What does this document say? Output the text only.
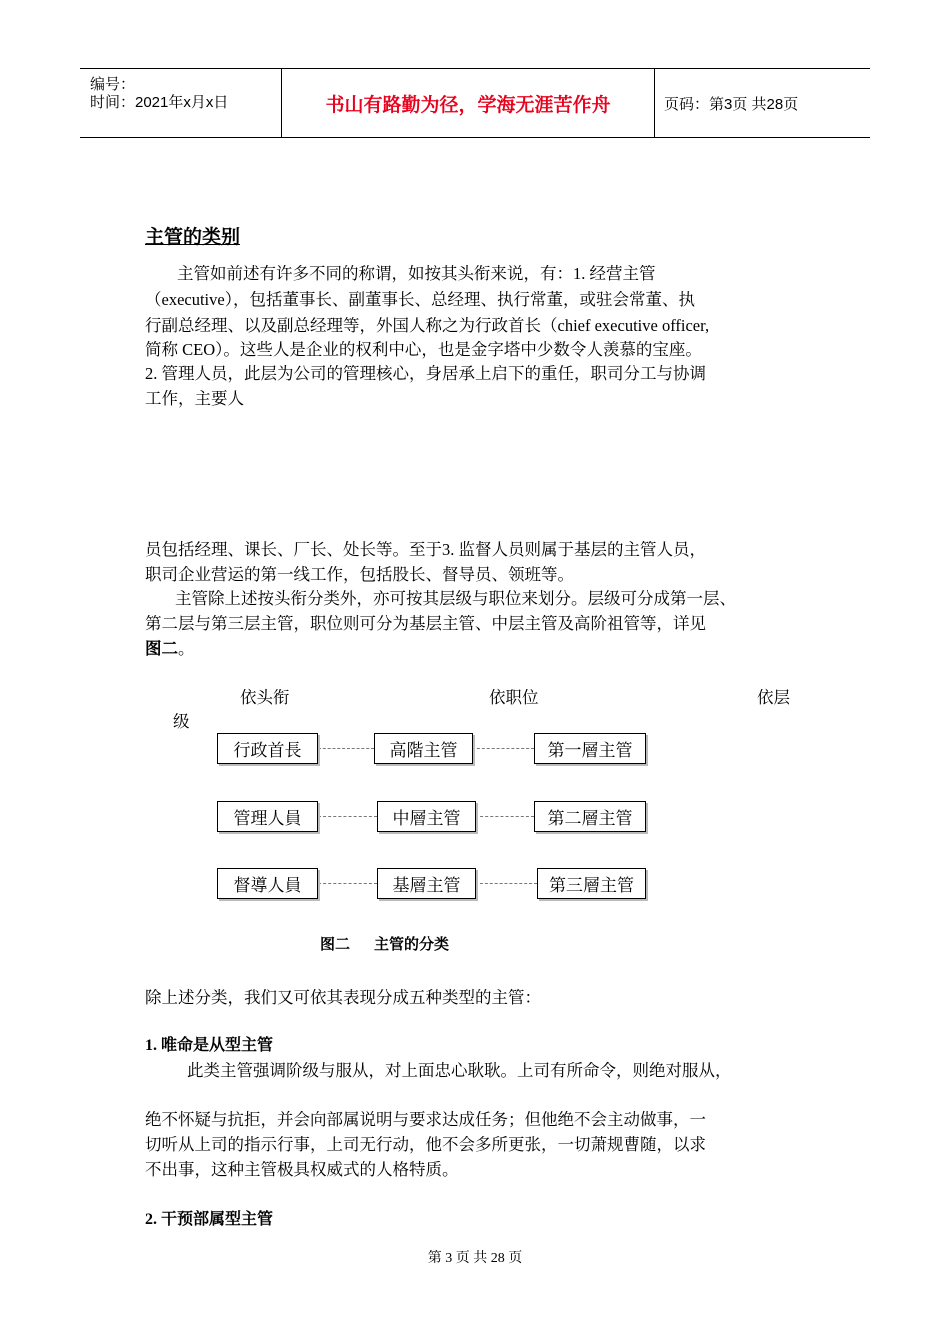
编号：
时间：2021年x月x日	书山有路勤为径，学海无涯苦作舟	页码：第3页 共28页
主管的类别
主管如前述有许多不同的称谓，如按其头衔来说，有：1. 经营主管
（executive），包括董事长、副董事长、总经理、执行常董，或驻会常董、执
行副总经理、以及副总经理等，外国人称之为行政首长（chief executive officer,
简称 CEO）。这些人是企业的权利中心，也是金字塔中少数令人羡慕的宝座。
2. 管理人员，此层为公司的管理核心，身居承上启下的重任，职司分工与协调
工作，主要人
员包括经理、课长、厂长、处长等。至于3. 监督人员则属于基层的主管人员，
职司企业营运的第一线工作，包括股长、督导员、领班等。
主管除上述按头衔分类外，亦可按其层级与职位来划分。层级可分成第一层、
第二层与第三层主管，职位则可分为基层主管、中层主管及高阶祖管等，详见
图二。
依头衔	依职位	依层
级
行政首長	高階主管	第一層主管
管理人員	中層主管	第二層主管
督導人員	基層主管	第三層主管
图二 主管的分类
除上述分类，我们又可依其表现分成五种类型的主管：
1. 唯命是从型主管
此类主管强调阶级与服从，对上面忠心耿耿。上司有所命令，则绝对服从，
绝不怀疑与抗拒，并会向部属说明与要求达成任务；但他绝不会主动做事，一
切听从上司的指示行事，上司无行动，他不会多所更张，一切萧规曹随，以求
不出事，这种主管极具权威式的人格特质。
2. 干预部属型主管
第 3 页 共 28 页
